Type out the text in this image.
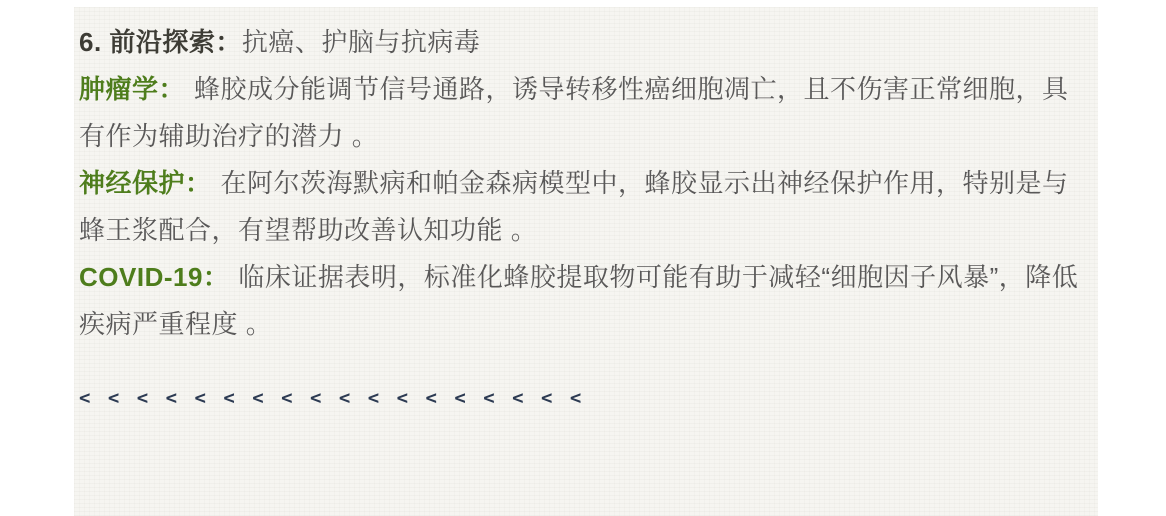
6. 前沿探索：抗癌、护脑与抗病毒

肿瘤学： 蜂胶成分能调节信号通路，诱导转移性癌细胞凋亡，且不伤害正常细胞，具有作为辅助治疗的潜力 。

神经保护： 在阿尔茨海默病和帕金森病模型中，蜂胶显示出神经保护作用，特别是与蜂王浆配合，有望帮助改善认知功能 。

COVID-19： 临床证据表明，标准化蜂胶提取物可能有助于减轻“细胞因子风暴”，降低疾病严重程度 。

< < < < < < < < < < < < < < < < < <
